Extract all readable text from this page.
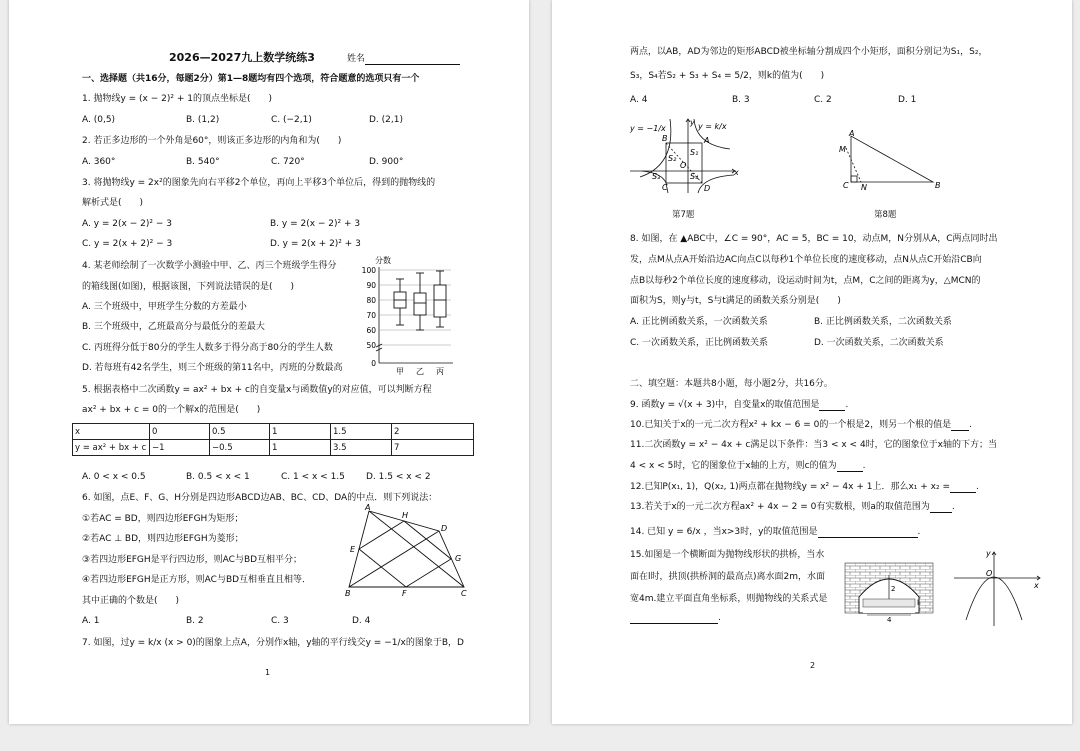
2026—2027九上数学统练3	姓名
一、选择题（共16分，每题2分）第1—8题均有四个选项，符合题意的选项只有一个
1. 抛物线y = (x − 2)² + 1的顶点坐标是(　　)
A. (0,5)	B. (1,2)	C. (−2,1)	D. (2,1)
2. 若正多边形的一个外角是60°，则该正多边形的内角和为(　　)
A. 360°	B. 540°	C. 720°	D. 900°
3. 将抛物线y = 2x²的图象先向右平移2个单位，再向上平移3个单位后，得到的抛物线的
解析式是(　　)
A. y = 2(x − 2)² − 3	B. y = 2(x − 2)² + 3
C. y = 2(x + 2)² − 3	D. y = 2(x + 2)² + 3
4. 某老师绘制了一次数学小测验中甲、乙、丙三个班级学生得分
的箱线图(如图)，根据该图，下列说法错误的是(　　)
A. 三个班级中，甲班学生分数的方差最小
B. 三个班级中，乙班最高分与最低分的差最大
C. 丙班得分低于80分的学生人数多于得分高于80分的学生人数
D. 若每班有42名学生，则三个班级的第11名中，丙班的分数最高
分数
100
90
80
70
60
50
0
甲 乙 丙
5. 根据表格中二次函数y = ax² + bx + c的自变量x与函数值y的对应值，可以判断方程
ax² + bx + c = 0的一个解x的范围是(　　)
x	0	0.5	1	1.5	2
y = ax² + bx + c	−1	−0.5	1	3.5	7
A. 0 < x < 0.5	B. 0.5 < x < 1	C. 1 < x < 1.5 D. 1.5 < x < 2
6. 如图，点E、F、G、H分别是四边形ABCD边AB、BC、CD、DA的中点．则下列说法：
①若AC = BD，则四边形EFGH为矩形；
②若AC ⊥ BD，则四边形EFGH为菱形；
③若四边形EFGH是平行四边形，则AC与BD互相平分；
④若四边形EFGH是正方形，则AC与BD互相垂直且相等．
其中正确的个数是(　　)
A. 1	B. 2	C. 3	D. 4
A
H
D
E
G
B	F	C
7. 如图，过y = k/x (x > 0)的图象上点A，分别作x轴，y轴的平行线交y = −1/x的图象于B，D
1
两点，以AB，AD为邻边的矩形ABCD被坐标轴分割成四个小矩形，面积分别记为S₁，S₂，
S₃，S₄若S₂ + S₃ + S₄ = 5/2，则k的值为(　　)
A. 4	B. 3	C. 2	D. 1
y = −1/x	y = k/x
B
S₂
S₃
C
O
S₁
A
S₄
D
y
x
第7题
A
M
C N	B
第8题
8. 如图，在 ▲ABC中，∠C = 90°，AC = 5，BC = 10，动点M，N分别从A，C两点同时出
发，点M从点A开始沿边AC向点C以每秒1个单位长度的速度移动，点N从点C开始沿CB向
点B以每秒2个单位长度的速度移动，设运动时间为t，点M，C之间的距离为y，△MCN的
面积为S，则y与t，S与t满足的函数关系分别是(　　)
A. 正比例函数关系，一次函数关系	B. 正比例函数关系，二次函数关系
C. 一次函数关系，正比例函数关系	D. 一次函数关系，二次函数关系
二、填空题：本题共8小题，每小题2分，共16分。
9. 函数y = √(x + 3)中，自变量x的取值范围是	.
10.已知关于x的一元二次方程x² + kx − 6 = 0的一个根是2，则另一个根的值是 .
11.二次函数y = x² − 4x + c满足以下条件：当3 < x < 4时，它的图象位于x轴的下方；当
4 < x < 5时，它的图象位于x轴的上方，则c的值为	.
12.已知P(x₁, 1)，Q(x₂, 1)两点都在抛物线y = x² − 4x + 1上．那么x₁ + x₂ =	.
13.若关于x的一元二次方程ax² + 4x − 2 = 0有实数根，则a的取值范围为 .
14. 已知 y = 6/x ，当x>3时，y的取值范围是	.
15.如图是一个横断面为抛物线形状的拱桥，当水
面在l时，拱顶(拱桥洞的最高点)离水面2m，水面
宽4m.建立平面直角坐标系，则抛物线的关系式是
.
2
l
4
y
O
x
2
